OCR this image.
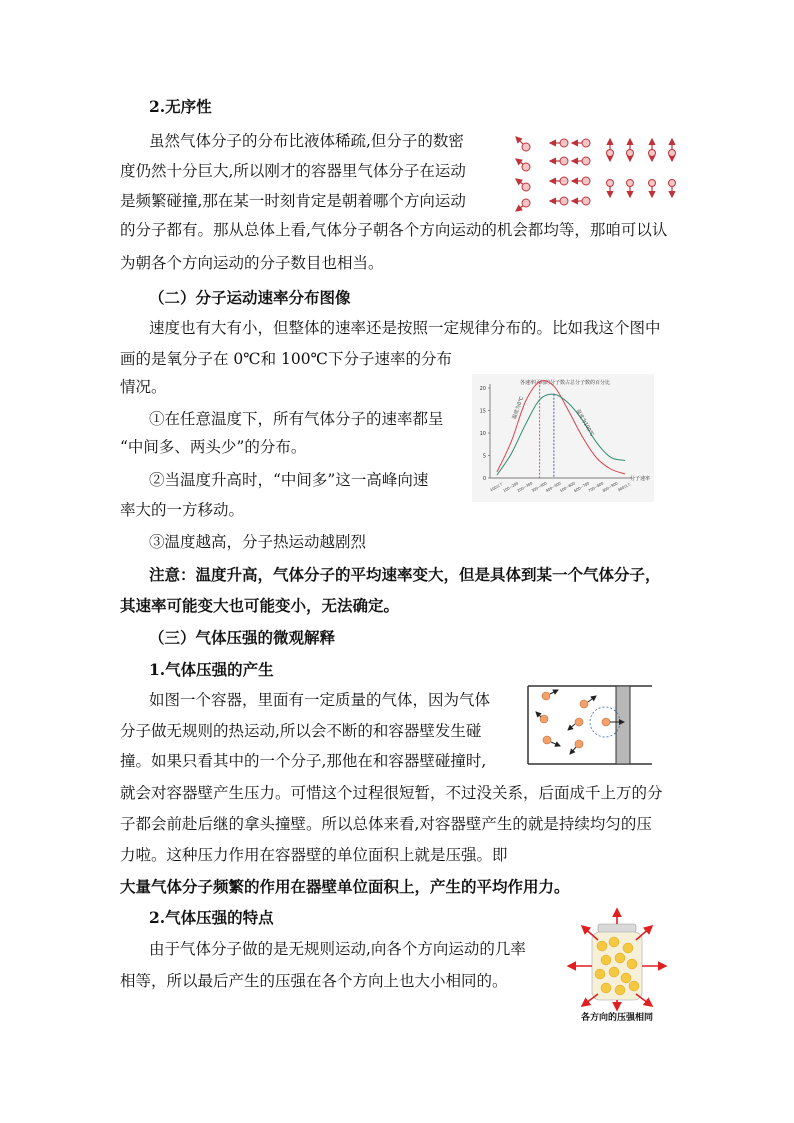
2.无序性
虽然气体分子的分布比液体稀疏,但分子的数密
度仍然十分巨大,所以刚才的容器里气体分子在运动
是频繁碰撞,那在某一时刻肯定是朝着哪个方向运动
的分子都有。那从总体上看,气体分子朝各个方向运动的机会都均等，那咱可以认
为朝各个方向运动的分子数目也相当。
（二）分子运动速率分布图像
速度也有大有小，但整体的速率还是按照一定规律分布的。比如我这个图中
画的是氧分子在 0℃和 100℃下分子速率的分布
情况。
①在任意温度下，所有气体分子的速率都呈
“中间多、两头少”的分布。
②当温度升高时，“中间多”这一高峰向速
率大的一方移动。
③温度越高，分子热运动越剧烈
各速率区间的分子数占总分子数的百分比
0
5
10
15
20
100以下
100~200
200~300
300~400
400~500
500~600
600~700
700~800
800~900
900以上
分子速率
温度为0℃
温度为100℃
注意：温度升高，气体分子的平均速率变大，但是具体到某一个气体分子，
其速率可能变大也可能变小，无法确定。
（三）气体压强的微观解释
1.气体压强的产生
如图一个容器，里面有一定质量的气体，因为气体
分子做无规则的热运动,所以会不断的和容器壁发生碰
撞。如果只看其中的一个分子,那他在和容器壁碰撞时,
就会对容器壁产生压力。可惜这个过程很短暂，不过没关系，后面成千上万的分
子都会前赴后继的拿头撞壁。所以总体来看,对容器壁产生的就是持续均匀的压
力啦。这种压力作用在容器壁的单位面积上就是压强。即
大量气体分子频繁的作用在器壁单位面积上，产生的平均作用力。
2.气体压强的特点
由于气体分子做的是无规则运动,向各个方向运动的几率
相等，所以最后产生的压强在各个方向上也大小相同的。
各方向的压强相同
